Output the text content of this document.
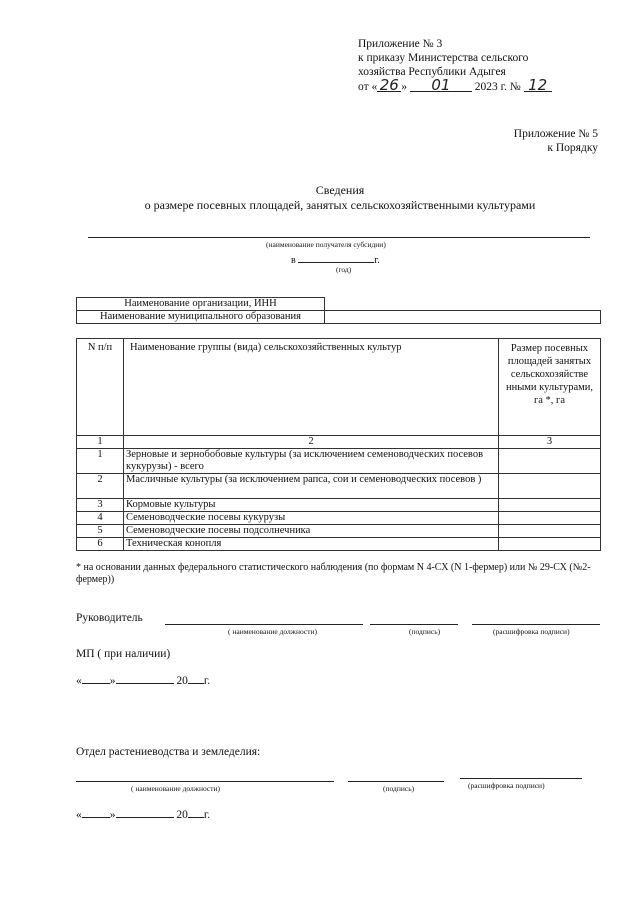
Приложение № 3
к приказу Министерства сельского
хозяйства Республики Адыгея
от « 26 » 01 2023 г. № 12
Приложение № 5
к Порядку
Сведения
о размере посевных площадей, занятых сельскохозяйственными культурами
(наименование получателя субсидии)
в	г.
(год)
Наименование организации, ИНН	
Наименование муниципального образования	
N п/п	Наименование группы (вида) сельскохозяйственных культур	Размер посевных площадей занятых сельскохозяйстве нными культурами, га *, га
1	2	3
1	Зерновые и зернобобовые культуры (за исключением семеноводческих посевов кукурузы) - всего	
2	Масличные культуры (за исключением рапса, сои и семеноводческих посевов )	
3	Кормовые культуры	
4	Семеноводческие посевы кукурузы	
5	Семеноводческие посевы подсолнечника	
6	Техническая конопля	
* на основании данных федерального статистического наблюдения (по формам N 4-СХ (N 1-фермер) или № 29-СХ (№2-фермер))
Руководитель
( наименование должности)	(подпись)	(расшифровка подписи)
МП ( при наличии)
« »	20 г.
Отдел растениеводства и земледелия:
( наименование должности)	(подпись)	(расшифровка подписи)
« »	20 г.
